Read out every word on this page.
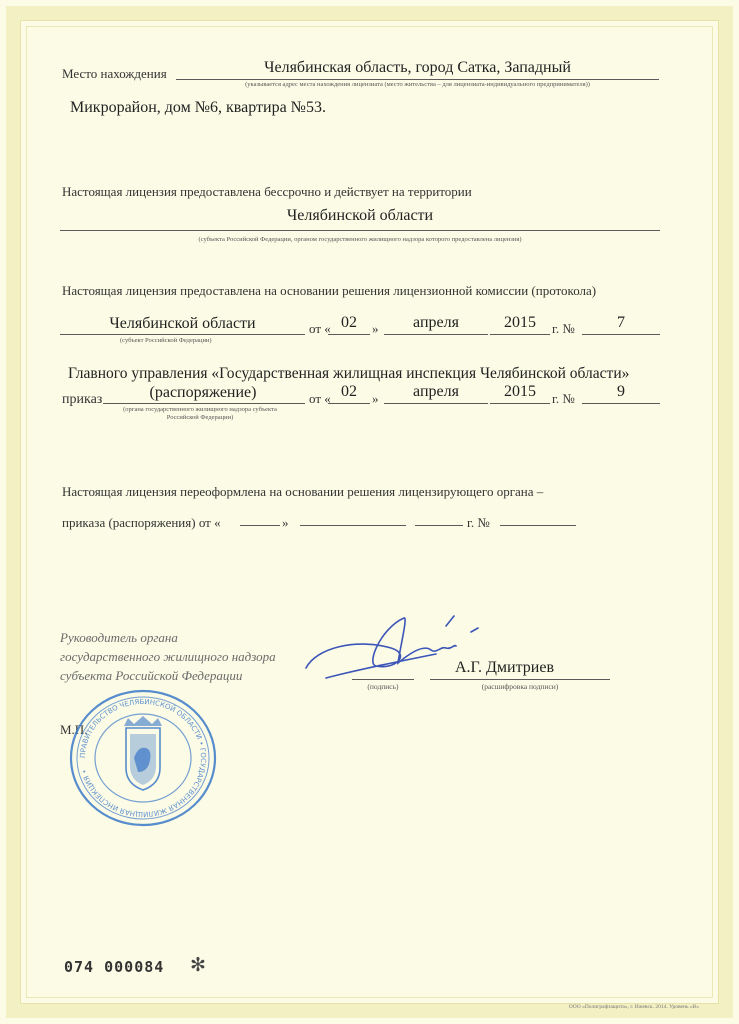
Место нахождения	Челябинская область, город Сатка, Западный
(указывается адрес места нахождения лицензиата (место жительства – для лицензиата-индивидуального предпринимателя))
Микрорайон, дом №6, квартира №53.
Настоящая лицензия предоставлена бессрочно и действует на территории
Челябинской области
(субъекта Российской Федерации, органом государственного жилищного надзора которого предоставлена лицензия)
Настоящая лицензия предоставлена на основании решения лицензионной комиссии (протокола)
Челябинской области
(субъект Российской Федерации)
от « 02	»	апреля	2015	г. №	7
Главного управления «Государственная жилищная инспекция Челябинской области»
приказ	(распоряжение)
(органа государственного жилищного надзора субъекта
Российской Федерации)
от « 02	»	апреля	2015	г. №	9
Настоящая лицензия переоформлена на основании решения лицензирующего органа –
приказа (распоряжения) от «	»	г. №
Руководитель органа
государственного жилищного надзора
субъекта Российской Федерации
(подпись)
А.Г. Дмитриев
(расшифровка подписи)
М.П.
ПРАВИТЕЛЬСТВО ЧЕЛЯБИНСКОЙ ОБЛАСТИ • ГОСУДАРСТВЕННАЯ ЖИЛИЩНАЯ ИНСПЕКЦИЯ •
074 000084 ✻
ООО «Полиграфзащита», г. Ижевск. 2014. Уровень «В»
